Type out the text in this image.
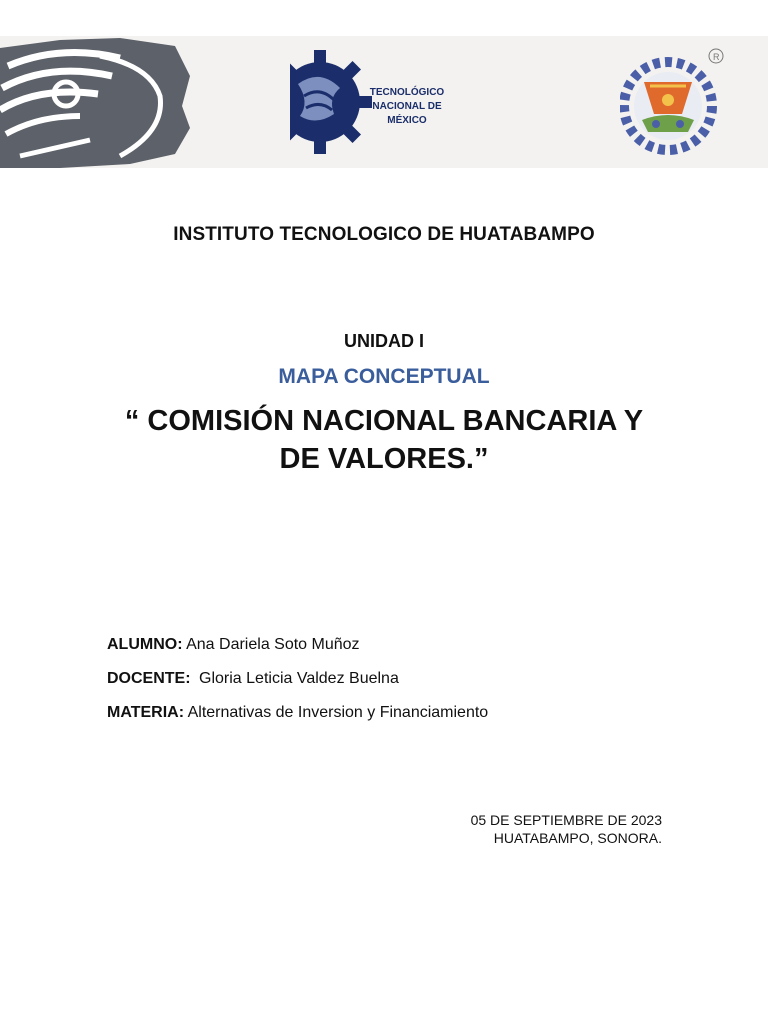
TECNOLÓGICO
NACIONAL DE MÉXICO
R
INSTITUTO TECNOLOGICO DE HUATABAMPO
UNIDAD I
MAPA CONCEPTUAL
“ COMISIÓN NACIONAL BANCARIA Y
DE VALORES.”
ALUMNO: Ana Dariela Soto Muñoz
DOCENTE: Gloria Leticia Valdez Buelna
MATERIA: Alternativas de Inversion y Financiamiento
05 DE SEPTIEMBRE DE 2023
HUATABAMPO, SONORA.
